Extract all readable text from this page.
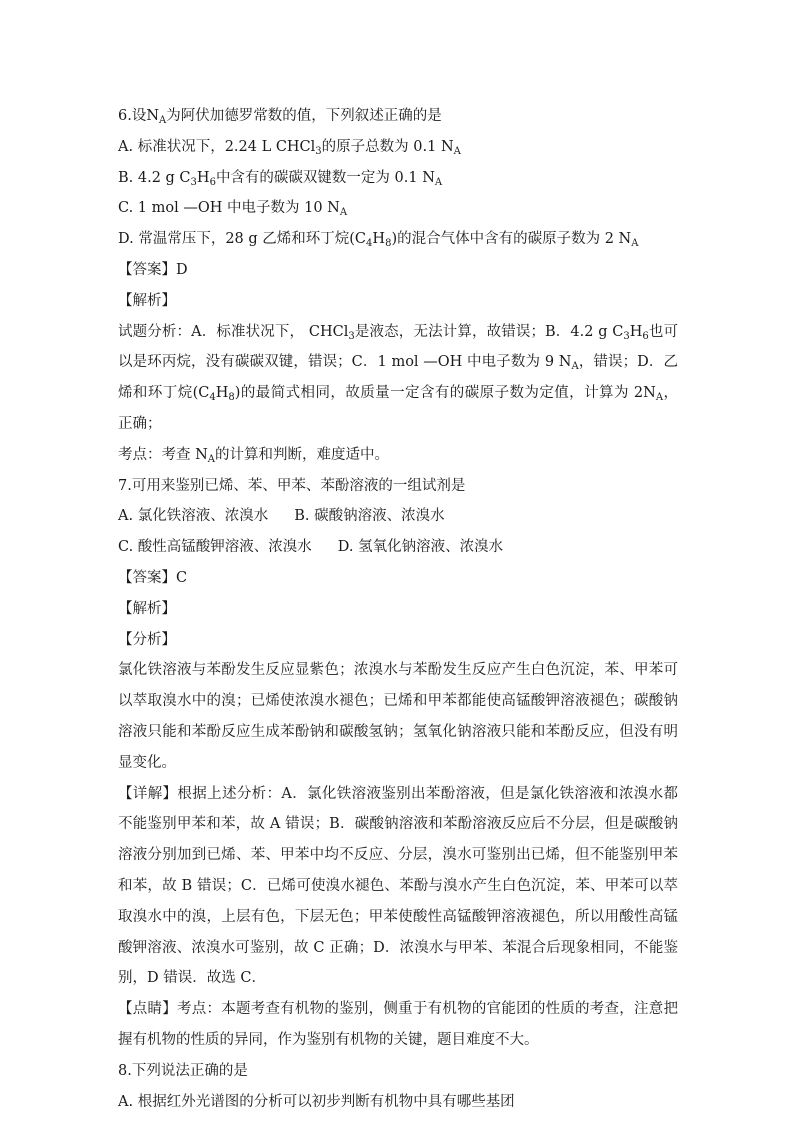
6.设$N_A$为阿伏加德罗常数的值，下列叙述正确的是
A. 标准状况下，2.24 L CHCl$_3$的原子总数为 0.1 $N_A$
B. 4.2 g $C_3H_6$中含有的碳碳双键数一定为 0.1 $N_A$
C. 1 mol —OH 中电子数为 10 $N_A$
D. 常温常压下，28 g 乙烯和环丁烷$(C_4H_8)$的混合气体中含有的碳原子数为 2 $N_A$
【答案】D
【解析】
试题分析：A．标准状况下， CHCl$_3$是液态，无法计算，故错误；B．4.2 g $C_3H_6$也可以是环丙烷，没有碳碳双键，错误；C．1 mol —OH 中电子数为 9 $N_A$，错误；D．乙烯和环丁烷$(C_4H_8)$的最简式相同，故质量一定含有的碳原子数为定值，计算为 $2N_A$，正确；
考点：考查 $N_A$的计算和判断，难度适中。
7.可用来鉴别已烯、苯、甲苯、苯酚溶液的一组试剂是
A. 氯化铁溶液、浓溴水 B. 碳酸钠溶液、浓溴水
C. 酸性高锰酸钾溶液、浓溴水 D. 氢氧化钠溶液、浓溴水
【答案】C
【解析】
【分析】
氯化铁溶液与苯酚发生反应显紫色；浓溴水与苯酚发生反应产生白色沉淀，苯、甲苯可以萃取溴水中的溴；已烯使浓溴水褪色；已烯和甲苯都能使高锰酸钾溶液褪色；碳酸钠溶液只能和苯酚反应生成苯酚钠和碳酸氢钠；氢氧化钠溶液只能和苯酚反应，但没有明显变化。
【详解】根据上述分析：A．氯化铁溶液鉴别出苯酚溶液，但是氯化铁溶液和浓溴水都不能鉴别甲苯和苯，故 A 错误；B．碳酸钠溶液和苯酚溶液反应后不分层，但是碳酸钠溶液分别加到已烯、苯、甲苯中均不反应、分层，溴水可鉴别出已烯，但不能鉴别甲苯和苯，故 B 错误；C．已烯可使溴水褪色、苯酚与溴水产生白色沉淀，苯、甲苯可以萃取溴水中的溴，上层有色，下层无色；甲苯使酸性高锰酸钾溶液褪色，所以用酸性高锰酸钾溶液、浓溴水可鉴别，故 C 正确；D．浓溴水与甲苯、苯混合后现象相同，不能鉴别，D 错误．故选 C．
【点睛】考点：本题考查有机物的鉴别，侧重于有机物的官能团的性质的考查，注意把握有机物的性质的异同，作为鉴别有机物的关键，题目难度不大。
8.下列说法正确的是
A. 根据红外光谱图的分析可以初步判断有机物中具有哪些基团
